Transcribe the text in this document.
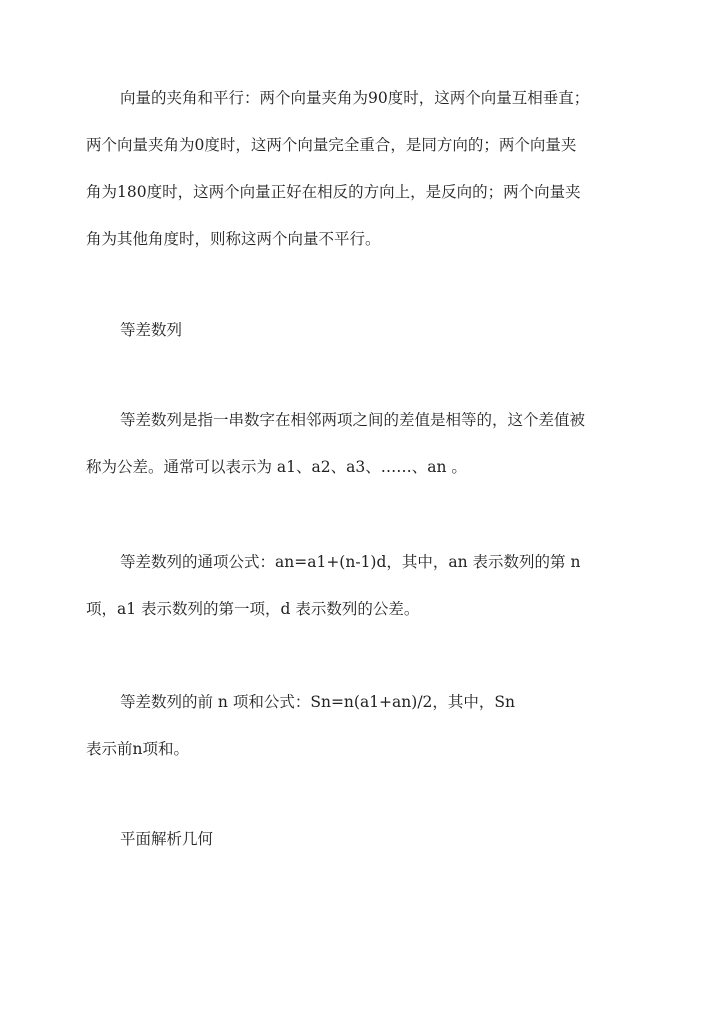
向量的夹角和平行：两个向量夹角为90度时，这两个向量互相垂直；
两个向量夹角为0度时，这两个向量完全重合，是同方向的；两个向量夹
角为180度时，这两个向量正好在相反的方向上，是反向的；两个向量夹
角为其他角度时，则称这两个向量不平行。
等差数列
等差数列是指一串数字在相邻两项之间的差值是相等的，这个差值被
称为公差。通常可以表示为 a1、a2、a3、……、an 。
等差数列的通项公式：an=a1+(n-1)d，其中，an 表示数列的第 n
项，a1 表示数列的第一项，d 表示数列的公差。
等差数列的前 n 项和公式：Sn=n(a1+an)/2，其中，Sn
表示前n项和。
平面解析几何
